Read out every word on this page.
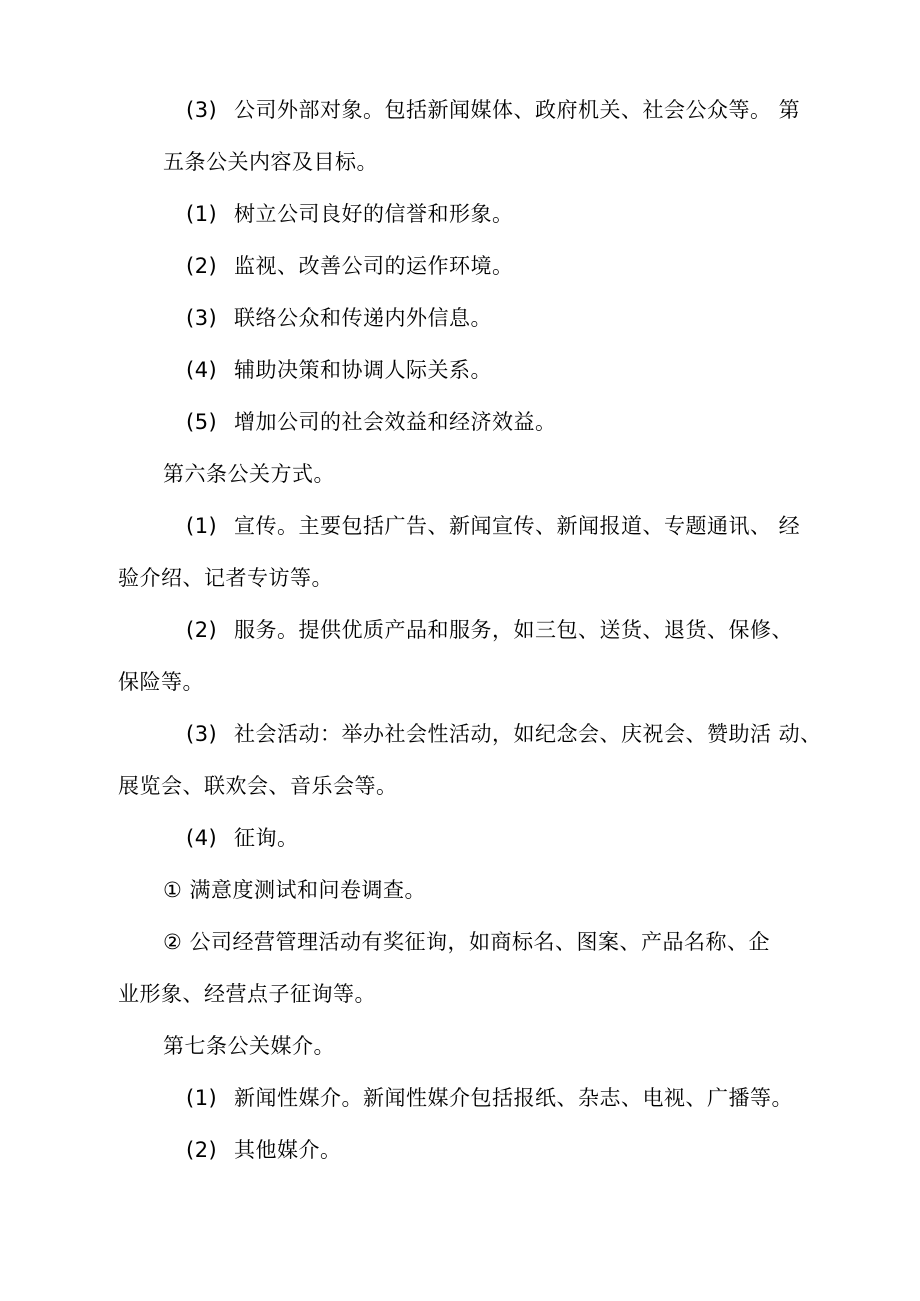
(3) 公司外部对象。包括新闻媒体、政府机关、社会公众等。 第
五条公关内容及目标。
(1) 树立公司良好的信誉和形象。
(2) 监视、改善公司的运作环境。
(3) 联络公众和传递内外信息。
(4) 辅助决策和协调人际关系。
(5) 增加公司的社会效益和经济效益。
第六条公关方式。
(1) 宣传。主要包括广告、新闻宣传、新闻报道、专题通讯、 经
验介绍、记者专访等。
(2) 服务。提供优质产品和服务，如三包、送货、退货、保修、
保险等。
(3) 社会活动：举办社会性活动，如纪念会、庆祝会、赞助活 动、
展览会、联欢会、音乐会等。
(4) 征询。
① 满意度测试和问卷调查。
② 公司经营管理活动有奖征询，如商标名、图案、产品名称、企
业形象、经营点子征询等。
第七条公关媒介。
(1) 新闻性媒介。新闻性媒介包括报纸、杂志、电视、广播等。
(2) 其他媒介。
